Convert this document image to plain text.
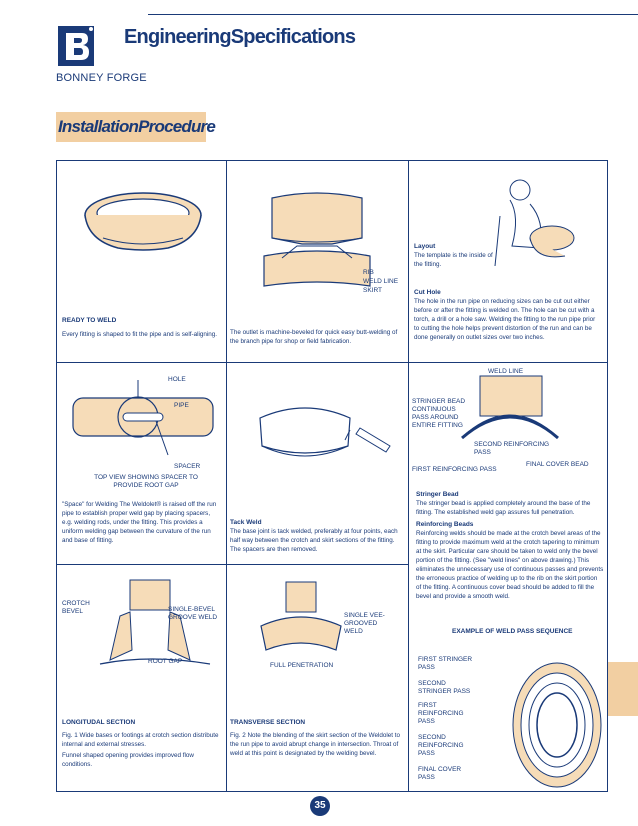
BONNEY FORGE
EngineeringSpecifications
InstallationProcedure
READY TO WELD
Every fitting is shaped to fit the pipe and is self-aligning.
RIB
WELD LINE
SKIRT
The outlet is machine-beveled for quick easy butt-welding of the branch pipe for shop or field fabrication.
Layout
The template is the inside of the fitting.
Cut Hole
The hole in the run pipe on reducing sizes can be cut out either before or after the fitting is welded on. The hole can be cut with a torch, a drill or a hole saw. Welding the fitting to the run pipe prior to cutting the hole helps prevent distortion of the run and can be done generally on outlet sizes over two inches.
HOLE
PIPE
SPACER
TOP VIEW SHOWING SPACER TO PROVIDE ROOT GAP
"Space" for Welding The Weldolet® is raised off the run pipe to establish proper weld gap by placing spacers, e.g. welding rods, under the fitting. This provides a uniform welding gap between the curvature of the run and base of fitting.
Tack Weld
The base joint is tack welded, preferably at four points, each half way between the crotch and skirt sections of the fitting. The spacers are then removed.
WELD LINE
STRINGER BEAD CONTINUOUS PASS AROUND ENTIRE FITTING
SECOND REINFORCING PASS
FIRST REINFORCING PASS
FINAL COVER BEAD
Stringer Bead
The stringer bead is applied completely around the base of the fitting. The established weld gap assures full penetration.
Reinforcing Beads
Reinforcing welds should be made at the crotch bevel areas of the fitting to provide maximum weld at the crotch tapering to minimum at the skirt. Particular care should be taken to weld only the bevel portion of the fitting. (See "weld lines" on above drawing.) This eliminates the unnecessary use of continuous passes and prevents the erroneous practice of welding up to the rib on the skirt portion of the fitting. A continuous cover bead should be added to fill the bevel and provide a smooth weld.
EXAMPLE OF WELD PASS SEQUENCE
FIRST STRINGER PASS
SECOND STRINGER PASS
FIRST REINFORCING PASS
SECOND REINFORCING PASS
FINAL COVER PASS
CROTCH BEVEL	SINGLE-BEVEL GROOVE WELD
ROOT GAP
LONGITUDAL SECTION
Fig. 1 Wide bases or footings at crotch section distribute internal and external stresses.
Funnel shaped opening provides improved flow conditions.
SINGLE VEE-GROOVED WELD
FULL PENETRATION
TRANSVERSE SECTION
Fig. 2 Note the blending of the skirt section of the Weldolet to the run pipe to avoid abrupt change in intersection. Throat of weld at this point is designated by the welding bevel.
35
